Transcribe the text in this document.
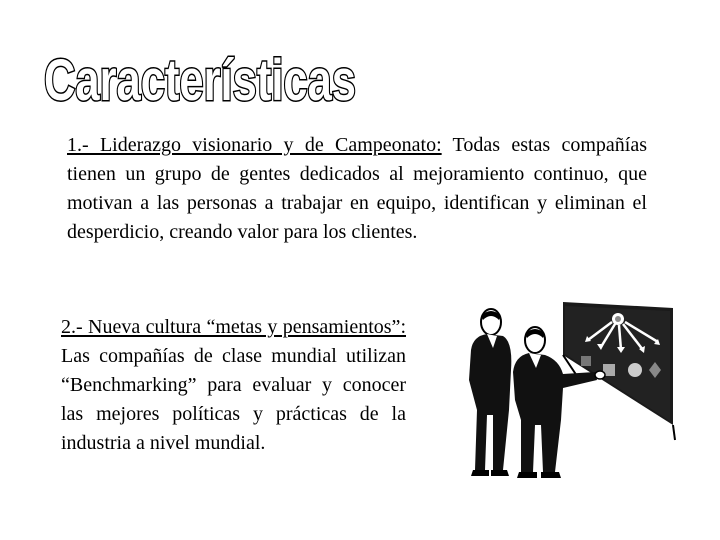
Características

1.- Liderazgo visionario y de Campeonato: Todas estas compañías tienen un grupo de gentes dedicados al mejoramiento continuo, que motivan a las personas a trabajar en equipo, identifican y eliminan el desperdicio, creando valor para los clientes.

2.- Nueva cultura “metas y pensamientos”: Las compañías de clase mundial utilizan “Benchmarking” para evaluar y conocer las mejores políticas y prácticas de la industria a nivel mundial.
